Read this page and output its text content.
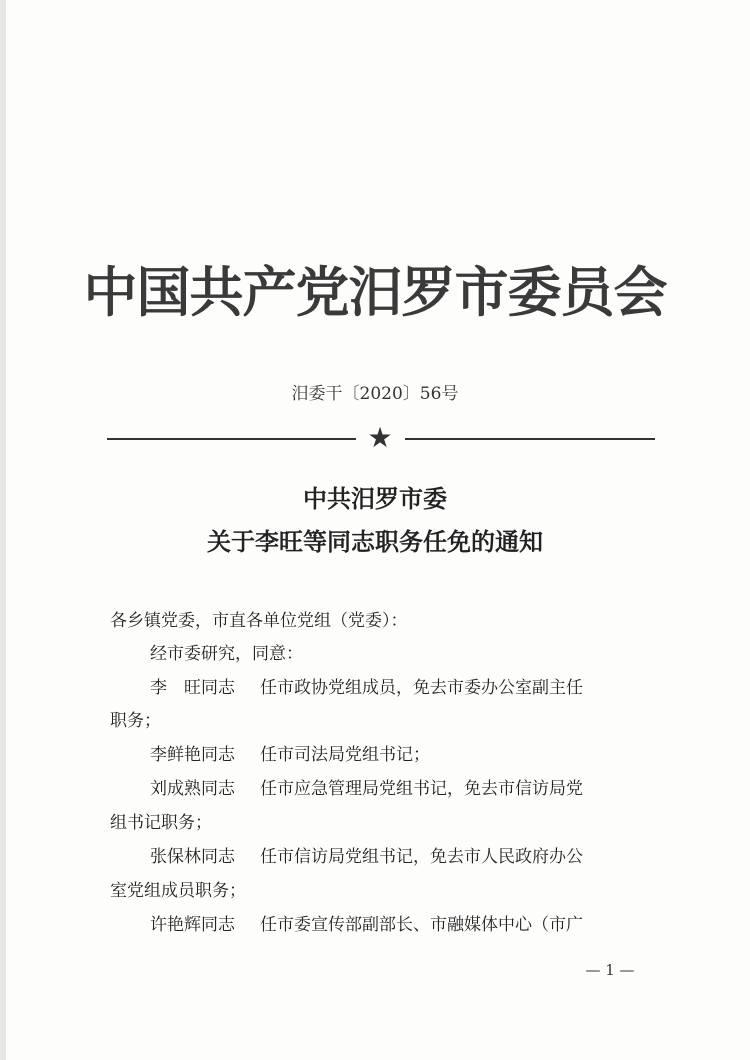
中国共产党汨罗市委员会
汨委干〔2020〕56号
★
中共汨罗市委
关于李旺等同志职务任免的通知
各乡镇党委，市直各单位党组（党委）：
经市委研究，同意：
李　旺同志 任市政协党组成员，免去市委办公室副主任
职务；
李鲜艳同志 任市司法局党组书记；
刘成熟同志 任市应急管理局党组书记，免去市信访局党
组书记职务；
张保林同志 任市信访局党组书记，免去市人民政府办公
室党组成员职务；
许艳辉同志 任市委宣传部副部长、市融媒体中心（市广
— 1 —
